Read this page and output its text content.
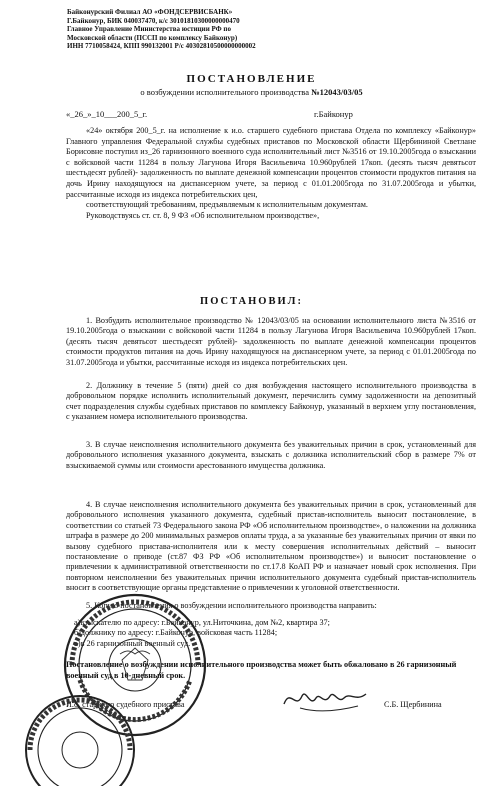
Байконурский Филиал АО «ФОНДСЕРВИСБАНК»
Г.Байконур, БИК 040037470, к/с 30101810300000000470
Главное Управление Министерства юстиции РФ по
Московской области (ПССП по комплексу Байконур)
ИНН 7710058424, КПП 990132001 Р/с 40302810500000000002
ПОСТАНОВЛЕНИЕ
о возбуждении исполнительного производства №12043/03/05
«_26_»_10___200_5_г.	г.Байконур

«24» октября 200_5_г. на исполнение к и.о. старшего судебного пристава Отдела по комплексу «Байконур» Главного управления Федеральной службы судебных приставов по Московской области Щербининой Светлане Борисовне поступил из_26 гарнизонного военного суда исполнительный лист №3516 от 19.10.2005года о взыскании с войсковой части 11284 в пользу Лагунова Игоря Васильевича 10.960рублей 17коп. (десять тысяч девятьсот шестьдесят рублей)- задолженность по выплате денежной компенсации процентов стоимости продуктов питания на дочь Ирину находящуюся на диспансерном учете, за период с 01.01.2005года по 31.07.2005года и убытки, рассчитанные исходя из индекса потребительских цен,

соответствующий требованиям, предъявляемым к исполнительным документам.

Руководствуясь ст. ст. 8, 9 ФЗ «Об исполнительном производстве»,

ПОСТАНОВИЛ:
1. Возбудить исполнительное производство № 12043/03/05 на основании исполнительного листа №3516 от 19.10.2005года о взыскании с войсковой части 11284 в пользу Лагунова Игоря Васильевича 10.960рублей 17коп. (десять тысяч девятьсот шестьдесят рублей)- задолженность по выплате денежной компенсации процентов стоимости продуктов питания на дочь Ирину находящуюся на диспансерном учете, за период с 01.01.2005года по 31.07.2005года и убытки, рассчитанные исходя из индекса потребительских цен.
2. Должнику в течение 5 (пяти) дней со дня возбуждения настоящего исполнительного производства в добровольном порядке исполнить исполнительный документ, перечислить сумму задолженности на депозитный счет подразделения службы судебных приставов по комплексу Байконур, указанный в верхнем углу постановления, с указанием номера исполнительного производства.
3. В случае неисполнения исполнительного документа без уважительных причин в срок, установленный для добровольного исполнения указанного документа, взыскать с должника исполнительский сбор в размере 7% от взыскиваемой суммы или стоимости арестованного имущества должника.
4. В случае неисполнения исполнительного документа без уважительных причин в срок, установленный для добровольного исполнения указанного документа, судебный пристав-исполнитель выносит постановление, в соответствии со статьей 73 Федерального закона РФ «Об исполнительном производстве», о наложении на должника штрафа в размере до 200 минимальных размеров оплаты труда, а за указанные без уважительных причин от явки по вызову судебного пристава-исполнителя или к месту совершения исполнительных действий – выносит постановление о приводе (ст.87 ФЗ РФ «Об исполнительном производстве») и выносит постановление о привлечении к административной ответственности по ст.17.8 КоАП РФ и назначает новый срок исполнения. При повторном неисполнении без уважительных причин исполнительного документа судебный пристав-исполнитель вносит в соответствующие органы представление о привлечении к уголовной ответственности.
5. Копию постановления о возбуждении исполнительного производства направить:
а)взыскателю по адресу: г.Байконур, ул.Ниточкина, дом №2, квартира 37;
б)должнику по адресу: г.Байконур, войсковая часть 11284;
в)в 26 гарнизонный военный суд.
Постановление о возбуждении исполнительного производства может быть обжаловано в 26 гарнизонный военный суд в 10-дневный срок.
И.о. старшего судебного пристава	С.Б. Щербинина
